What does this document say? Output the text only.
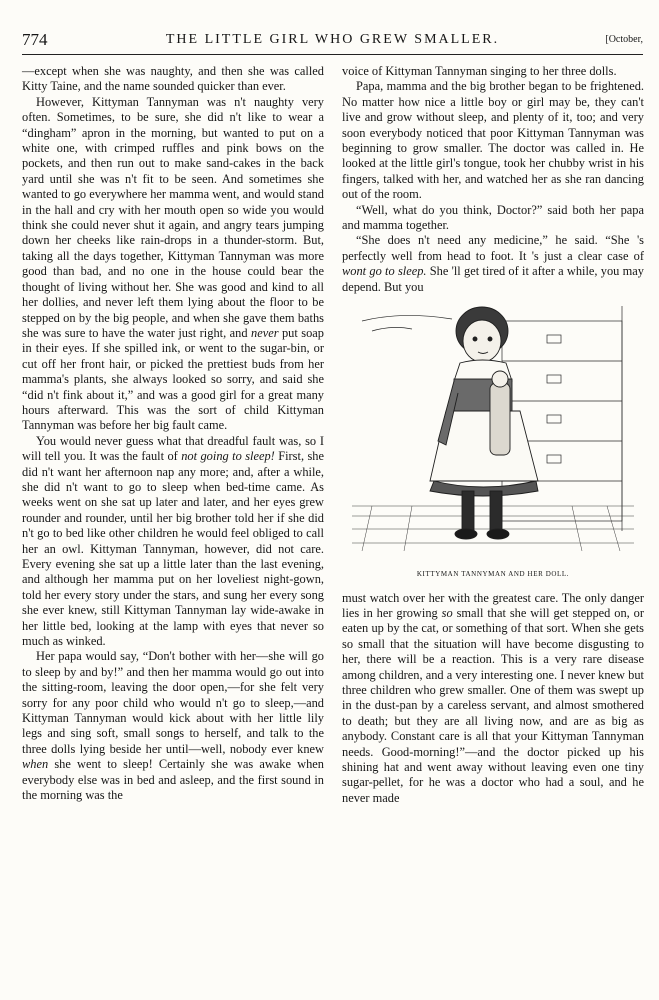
774	THE LITTLE GIRL WHO GREW SMALLER.	[October,

—except when she was naughty, and then she was called Kitty Taine, and the name sounded quicker than ever.

However, Kittyman Tannyman was n't naughty very often. Sometimes, to be sure, she did n't like to wear a “dingham” apron in the morning, but wanted to put on a white one, with crimped ruffles and pink bows on the pockets, and then run out to make sand-cakes in the back yard until she was n't fit to be seen. And sometimes she wanted to go everywhere her mamma went, and would stand in the hall and cry with her mouth open so wide you would think she could never shut it again, and angry tears jumping down her cheeks like rain-drops in a thunder-storm. But, taking all the days together, Kittyman Tannyman was more good than bad, and no one in the house could bear the thought of living without her. She was good and kind to all her dollies, and never left them lying about the floor to be stepped on by the big people, and when she gave them baths she was sure to have the water just right, and never put soap in their eyes. If she spilled ink, or went to the sugar-bin, or cut off her front hair, or picked the prettiest buds from her mamma's plants, she always looked so sorry, and said she “did n't fink about it,” and was a good girl for a great many hours afterward. This was the sort of child Kittyman Tannyman was before her big fault came.

You would never guess what that dreadful fault was, so I will tell you. It was the fault of not going to sleep! First, she did n't want her afternoon nap any more; and, after a while, she did n't want to go to sleep when bed-time came. As weeks went on she sat up later and later, and her eyes grew rounder and rounder, until her big brother told her if she did n't go to bed like other children he would feel obliged to call her an owl. Kittyman Tannyman, however, did not care. Every evening she sat up a little later than the last evening, and although her mamma put on her loveliest night-gown, told her every story under the stars, and sung her every song she ever knew, still Kittyman Tannyman lay wide-awake in her little bed, looking at the lamp with eyes that never so much as winked.

Her papa would say, “Don't bother with her—she will go to sleep by and by!” and then her mamma would go out into the sitting-room, leaving the door open,—for she felt very sorry for any poor child who would n't go to sleep,—and Kittyman Tannyman would kick about with her little lily legs and sing soft, small songs to herself, and talk to the three dolls lying beside her until—well, nobody ever knew when she went to sleep! Certainly she was awake when everybody else was in bed and asleep, and the first sound in the morning was the

voice of Kittyman Tannyman singing to her three dolls.

Papa, mamma and the big brother began to be frightened. No matter how nice a little boy or girl may be, they can't live and grow without sleep, and plenty of it, too; and very soon everybody noticed that poor Kittyman Tannyman was beginning to grow smaller. The doctor was called in. He looked at the little girl's tongue, took her chubby wrist in his fingers, talked with her, and watched her as she ran dancing out of the room.

“Well, what do you think, Doctor?” said both her papa and mamma together.

“She does n't need any medicine,” he said. “She 's perfectly well from head to foot. It 's just a clear case of wont go to sleep. She 'll get tired of it after a while, you may depend. But you

KITTYMAN TANNYMAN AND HER DOLL.

must watch over her with the greatest care. The only danger lies in her growing so small that she will get stepped on, or eaten up by the cat, or something of that sort. When she gets so small that the situation will have become disgusting to her, there will be a reaction. This is a very rare disease among children, and a very interesting one. I never knew but three children who grew smaller. One of them was swept up in the dust-pan by a careless servant, and almost smothered to death; but they are all living now, and are as big as anybody. Constant care is all that your Kittyman Tannyman needs. Good-morning!”—and the doctor picked up his shining hat and went away without leaving even one tiny sugar-pellet, for he was a doctor who had a soul, and he never made
